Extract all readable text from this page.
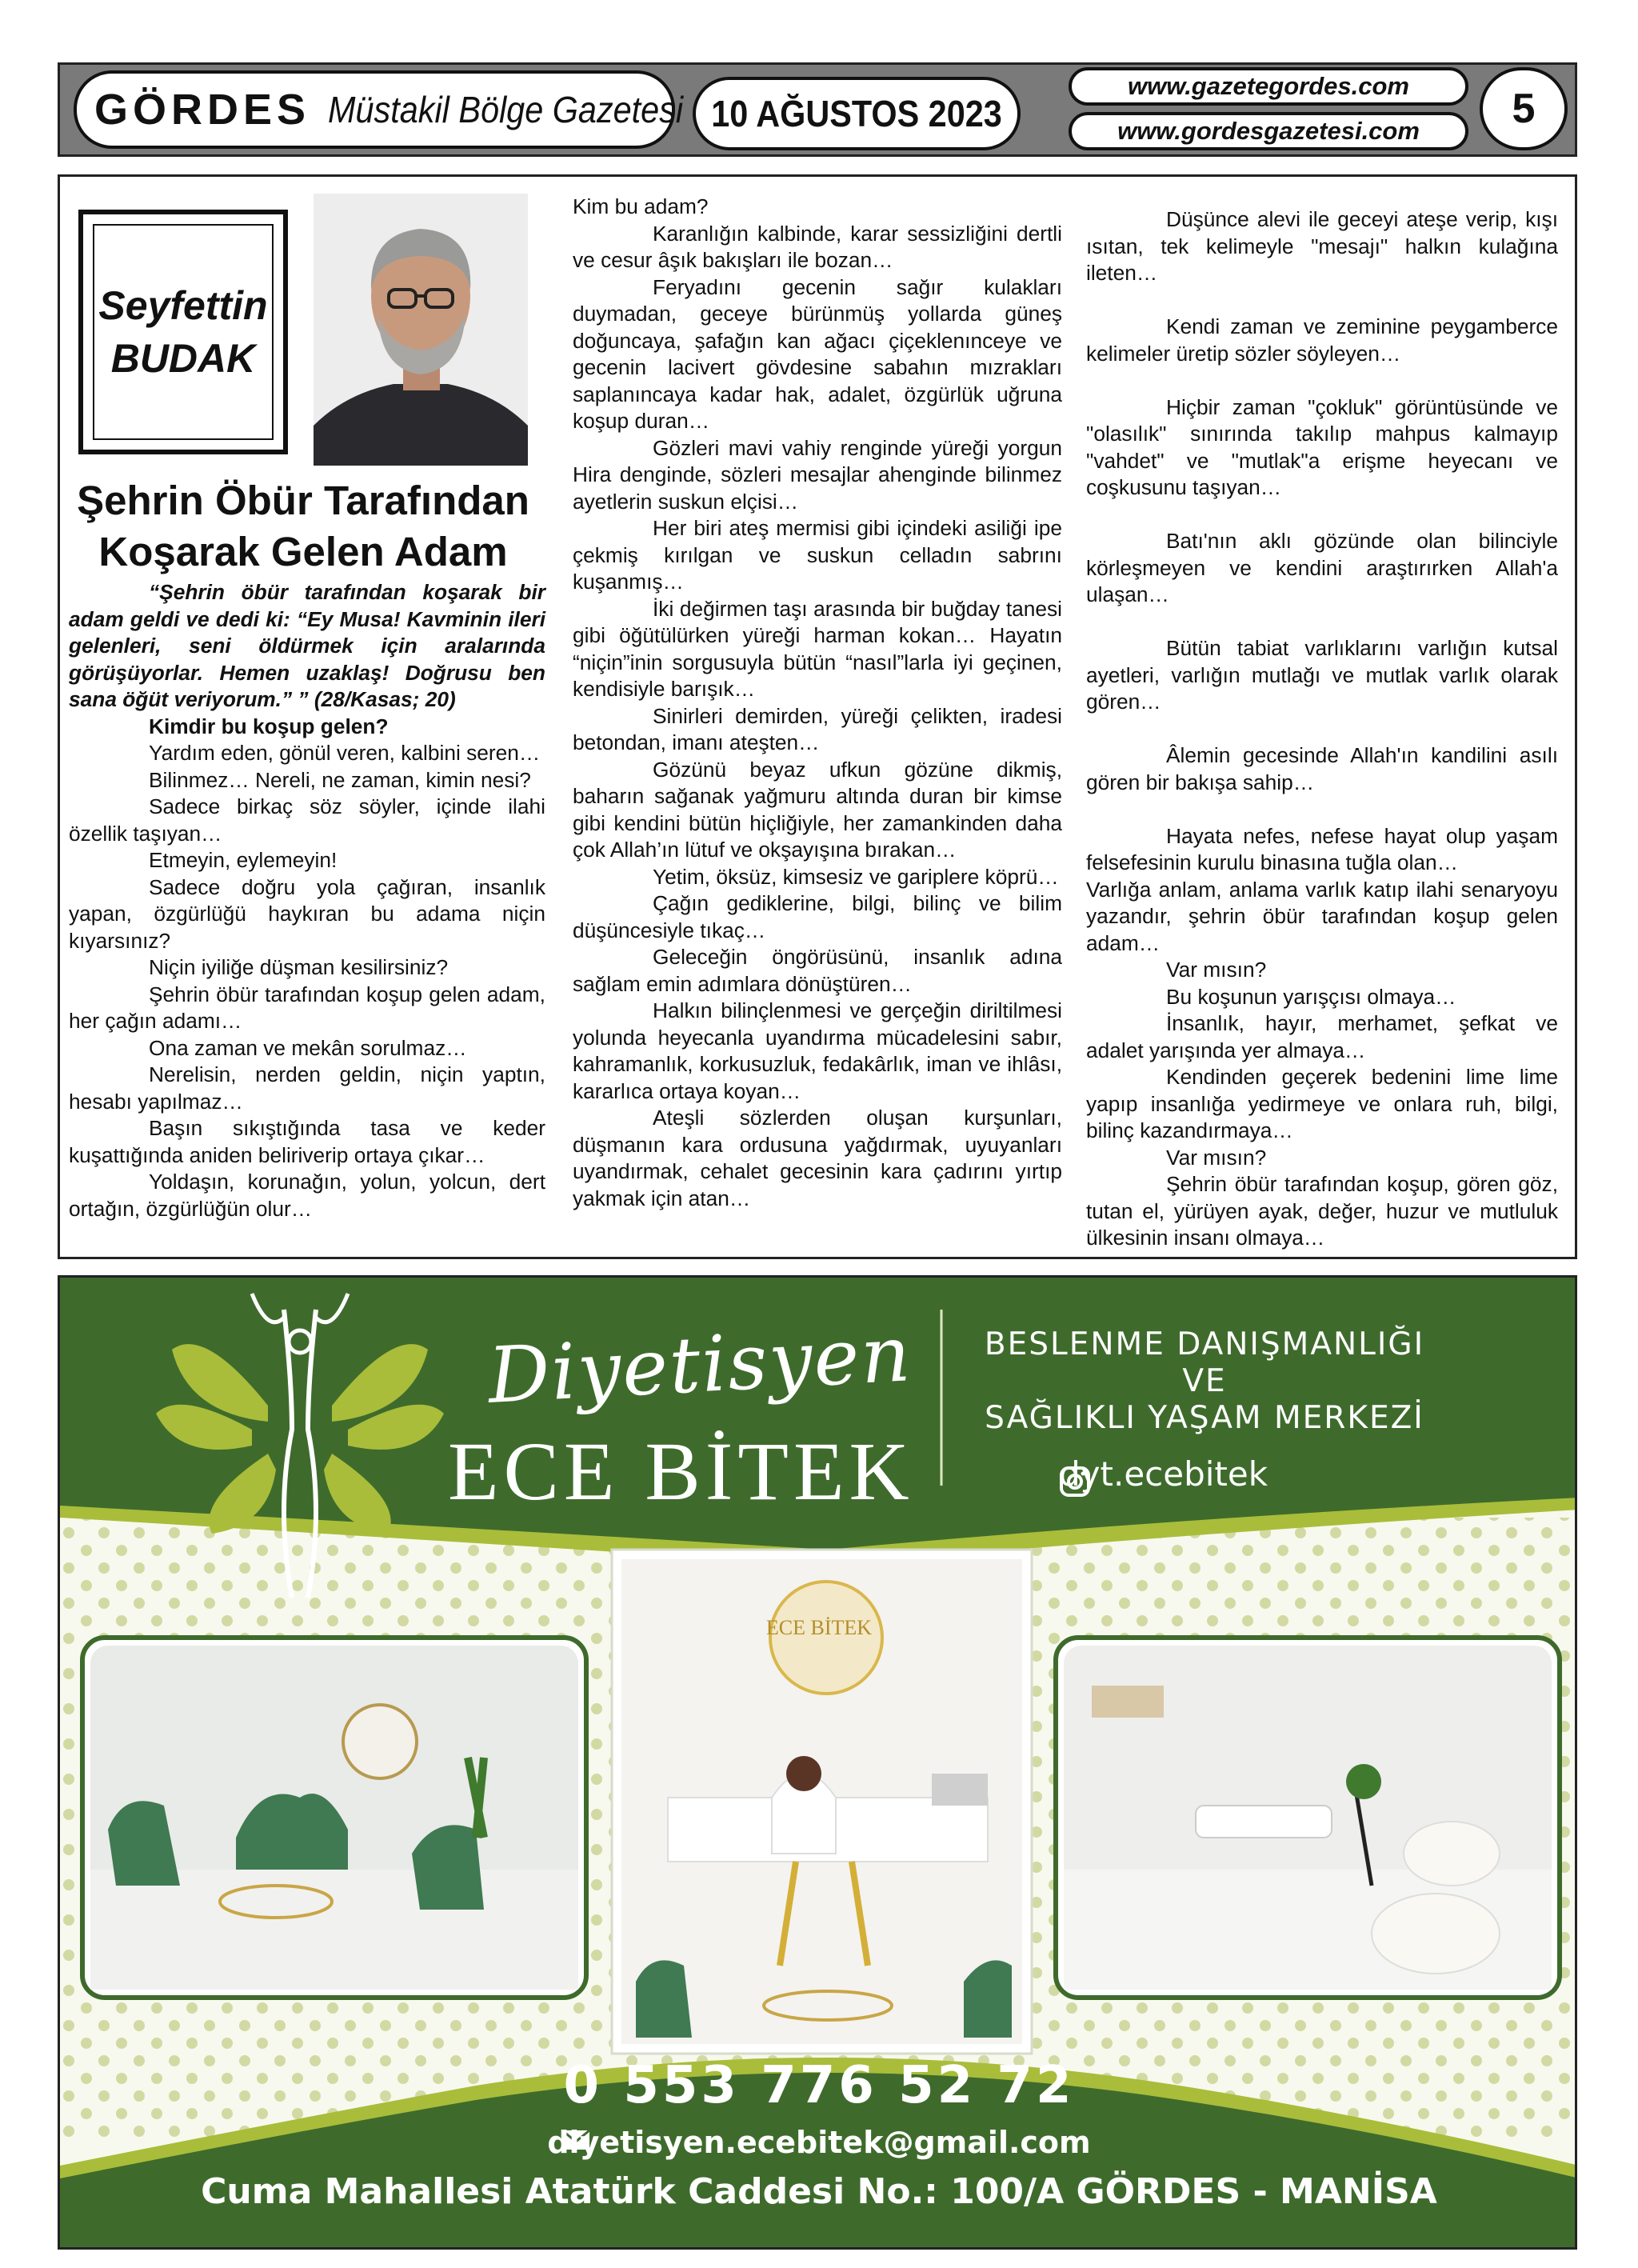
GÖRDES Müstakil Bölge Gazetesi 10 AĞUSTOS 2023
www.gazetegordes.com
www.gordesgazetesi.com 5
Seyfettin
BUDAK
Şehrin Öbür Tarafından
Koşarak Gelen Adam

“Şehrin öbür tarafından koşarak bir adam geldi ve dedi ki: “Ey Musa! Kavminin ileri gelenleri, seni öldürmek için aralarında görüşüyorlar. Hemen uzaklaş! Doğrusu ben sana öğüt veriyorum.” ” (28/Kasas; 20)

Kimdir bu koşup gelen?

Yardım eden, gönül veren, kalbini seren…

Bilinmez… Nereli, ne zaman, kimin nesi?

Sadece birkaç söz söyler, içinde ilahi özellik taşıyan…

Etmeyin, eylemeyin!

Sadece doğru yola çağıran, insanlık yapan, özgürlüğü haykıran bu adama niçin kıyarsınız?

Niçin iyiliğe düşman kesilirsiniz?

Şehrin öbür tarafından koşup gelen adam, her çağın adamı…

Ona zaman ve mekân sorulmaz…

Nerelisin, nerden geldin, niçin yaptın, hesabı yapılmaz…

Başın sıkıştığında tasa ve keder kuşattığında aniden beliriverip ortaya çıkar…

Yoldaşın, korunağın, yolun, yolcun, dert ortağın, özgürlüğün olur…

Kim bu adam?

Karanlığın kalbinde, karar sessizliğini dertli ve cesur âşık bakışları ile bozan…

Feryadını gecenin sağır kulakları duymadan, geceye bürünmüş yollarda güneş doğuncaya, şafağın kan ağacı çiçeklenınceye ve gecenin lacivert gövdesine sabahın mızrakları saplanıncaya kadar hak, adalet, özgürlük uğruna koşup duran…

Gözleri mavi vahiy renginde yüreği yorgun Hira denginde, sözleri mesajlar ahenginde bilinmez ayetlerin suskun elçisi…

Her biri ateş mermisi gibi içindeki asiliği ipe çekmiş kırılgan ve suskun celladın sabrını kuşanmış…

İki değirmen taşı arasında bir buğday tanesi gibi öğütülürken yüreği harman kokan… Hayatın “niçin”inin sorgusuyla bütün “nasıl”larla iyi geçinen, kendisiyle barışık…

Sinirleri demirden, yüreği çelikten, iradesi betondan, imanı ateşten…

Gözünü beyaz ufkun gözüne dikmiş, baharın sağanak yağmuru altında duran bir kimse gibi kendini bütün hiçliğiyle, her zamankinden daha çok Allah’ın lütuf ve okşayışına bırakan…

Yetim, öksüz, kimsesiz ve gariplere köprü…

Çağın gediklerine, bilgi, bilinç ve bilim düşüncesiyle tıkaç…

Geleceğin öngörüsünü, insanlık adına sağlam emin adımlara dönüştüren…

Halkın bilinçlenmesi ve gerçeğin diriltilmesi yolunda heyecanla uyandırma mücadelesini sabır, kahramanlık, korkusuzluk, fedakârlık, iman ve ihlâsı, kararlıca ortaya koyan…

Ateşli sözlerden oluşan kurşunları, düşmanın kara ordusuna yağdırmak, uyuyanları uyandırmak, cehalet gecesinin kara çadırını yırtıp yakmak için atan…

Düşünce alevi ile geceyi ateşe verip, kışı ısıtan, tek kelimeyle "mesajı" halkın kulağına ileten…

Kendi zaman ve zeminine peygamberce kelimeler üretip sözler söyleyen…

Hiçbir zaman "çokluk" görüntüsünde ve "olasılık" sınırında takılıp mahpus kalmayıp "vahdet" ve "mutlak"a erişme heyecanı ve coşkusunu taşıyan…

Batı'nın aklı gözünde olan bilinciyle körleşmeyen ve kendini araştırırken Allah'a ulaşan…

Bütün tabiat varlıklarını varlığın kutsal ayetleri, varlığın mutlağı ve mutlak varlık olarak gören…

Âlemin gecesinde Allah'ın kandilini asılı gören bir bakışa sahip…

Hayata nefes, nefese hayat olup yaşam felsefesinin kurulu binasına tuğla olan…

Varlığa anlam, anlama varlık katıp ilahi senaryoyu yazandır, şehrin öbür tarafından koşup gelen adam…

Var mısın?

Bu koşunun yarışçısı olmaya…

İnsanlık, hayır, merhamet, şefkat ve adalet yarışında yer almaya…

Kendinden geçerek bedenini lime lime yapıp insanlığa yedirmeye ve onlara ruh, bilgi, bilinç kazandırmaya…

Var mısın?

Şehrin öbür tarafından koşup, gören göz, tutan el, yürüyen ayak, değer, huzur ve mutluluk ülkesinin insanı olmaya…

Diyetisyen
ECE BİTEK
BESLENME DANIŞMANLIĞI
VE
SAĞLIKLI YAŞAM MERKEZİ
dyt.ecebitek
ECE BİTEK
0 553 776 52 72
diyetisyen.ecebitek@gmail.com
Cuma Mahallesi Atatürk Caddesi No.: 100/A GÖRDES - MANİSA
